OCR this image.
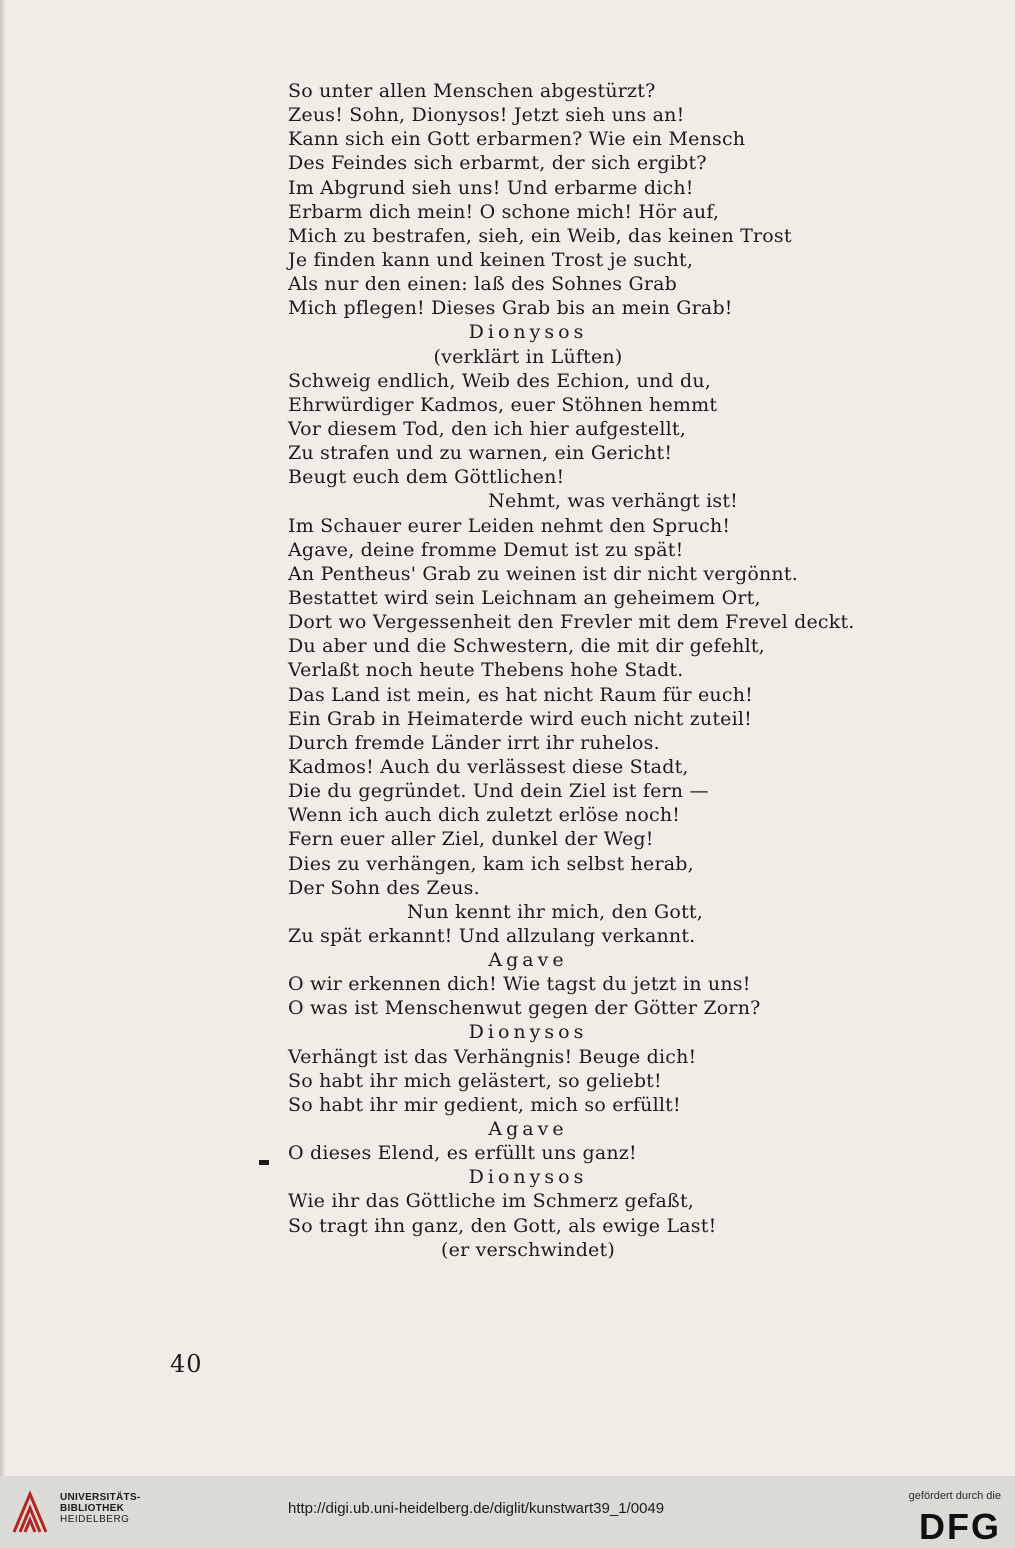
So unter allen Menschen abgestürzt?
Zeus! Sohn, Dionysos! Jetzt sieh uns an!
Kann sich ein Gott erbarmen? Wie ein Mensch
Des Feindes sich erbarmt, der sich ergibt?
Im Abgrund sieh uns! Und erbarme dich!
Erbarm dich mein! O schone mich! Hör auf,
Mich zu bestrafen, sieh, ein Weib, das keinen Trost
Je finden kann und keinen Trost je sucht,
Als nur den einen: laß des Sohnes Grab
Mich pflegen! Dieses Grab bis an mein Grab!
Dionysos
(verklärt in Lüften)
Schweig endlich, Weib des Echion, und du,
Ehrwürdiger Kadmos, euer Stöhnen hemmt
Vor diesem Tod, den ich hier aufgestellt,
Zu strafen und zu warnen, ein Gericht!
Beugt euch dem Göttlichen!
Nehmt, was verhängt ist!
Im Schauer eurer Leiden nehmt den Spruch!
Agave, deine fromme Demut ist zu spät!
An Pentheus' Grab zu weinen ist dir nicht vergönnt.
Bestattet wird sein Leichnam an geheimem Ort,
Dort wo Vergessenheit den Frevler mit dem Frevel deckt.
Du aber und die Schwestern, die mit dir gefehlt,
Verlaßt noch heute Thebens hohe Stadt.
Das Land ist mein, es hat nicht Raum für euch!
Ein Grab in Heimaterde wird euch nicht zuteil!
Durch fremde Länder irrt ihr ruhelos.
Kadmos! Auch du verlässest diese Stadt,
Die du gegründet. Und dein Ziel ist fern —
Wenn ich auch dich zuletzt erlöse noch!
Fern euer aller Ziel, dunkel der Weg!
Dies zu verhängen, kam ich selbst herab,
Der Sohn des Zeus.
Nun kennt ihr mich, den Gott,
Zu spät erkannt! Und allzulang verkannt.
Agave
O wir erkennen dich! Wie tagst du jetzt in uns!
O was ist Menschenwut gegen der Götter Zorn?
Dionysos
Verhängt ist das Verhängnis! Beuge dich!
So habt ihr mich gelästert, so geliebt!
So habt ihr mir gedient, mich so erfüllt!
Agave
O dieses Elend, es erfüllt uns ganz!
Dionysos
Wie ihr das Göttliche im Schmerz gefaßt,
So tragt ihn ganz, den Gott, als ewige Last!
(er verschwindet)
40
UNIVERSITÄTS-
BIBLIOTHEK
HEIDELBERG
http://digi.ub.uni-heidelberg.de/diglit/kunstwart39_1/0049
gefördert durch die
DFG
